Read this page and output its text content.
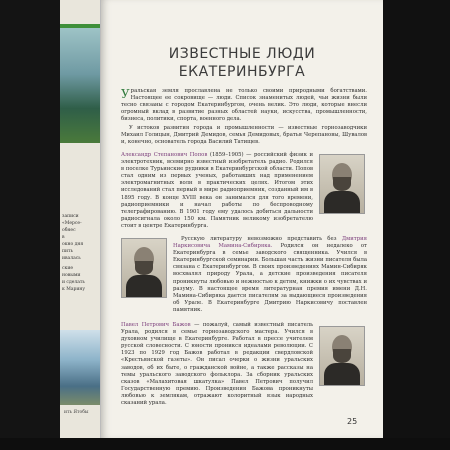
записи
«Мерсе-
обнес
в
окно дня
пить
ивалась
ские
новыми
и сделать
к Марину
ить Ятобы
ИЗВЕСТНЫЕ ЛЮДИ
ЕКАТЕРИНБУРГА

Уральская земля прославлена не только своими природными богатствами. Настоящее ее сокровище — люди. Список знаменитых людей, чьи жизни были тесно связаны с городом Екатеринбургом, очень велик. Это люди, которые внесли огромный вклад в развитие разных областей науки, искусства, промышленности, бизнеса, политики, спорта, военного дела.

У истоков развития города и промышленности — известные горнозаводчики Михаил Голицын, Дмитрий Демидов, семья Демидовых, братья Черепановы, Шувалов и, конечно, основатель города Василий Татищев.

Александр Степанович Попов (1859–1905) — российский физик и электротехник, всемирно известный изобретатель радио. Родился в поселке Турьинские рудники в Екатеринбургской области. Попов стал одним из первых ученых, работавших над применением электромагнитных волн в практических целях. Итогом этих исследований стал первый в мире радиоприемник, созданный им в 1895 году. В конце XVIII века он занимался для того времени, радиоприемники и начал работы по беспроводному телеграфированию. В 1901 году ему удалось добиться дальности радиосигнала около 150 км. Памятник великому изобретателю стоит в центре Екатеринбурга.

Русскую литературу невозможно представить без Дмитрия Наркисовича Мамина-Сибиряка. Родился он недалеко от Екатеринбурга в семье заводского священника. Учился в Екатеринбургской семинарии. Большая часть жизни писателя была связана с Екатеринбургом. В своих произведениях Мамин-Сибиряк восхвалял природу Урала, а детские произведения писателя проникнуты любовью и нежностью к детям, книжки о их чувствах и разуму. В настоящее время литературная премия имени Д.Н. Мамина-Сибиряка дается писателям за выдающиеся произведения об Урале. В Екатеринбурге Дмитрию Наркисовичу поставлен памятник.

Павел Петрович Бажов — пожалуй, самый известный писатель Урала, родился в семье горнозаводского мастера. Учился в духовном училище в Екатеринбурге. Работал в прессе учителем русской словесности. С юности проникся идеалами революции. С 1923 по 1929 год Бажов работал в редакции свердловской «Крестьянской газеты». Он писал очерки о жизни уральских заводов, об их быте, о гражданской войне, а также рассказы на темы уральского заводского фольклора. За сборник уральских сказов «Малахитовая шкатулка» Павел Петрович получил Государственную премию. Произведения Бажова проникнуты любовью к землякам, отражают колоритный язык народных сказаний урала.

25
